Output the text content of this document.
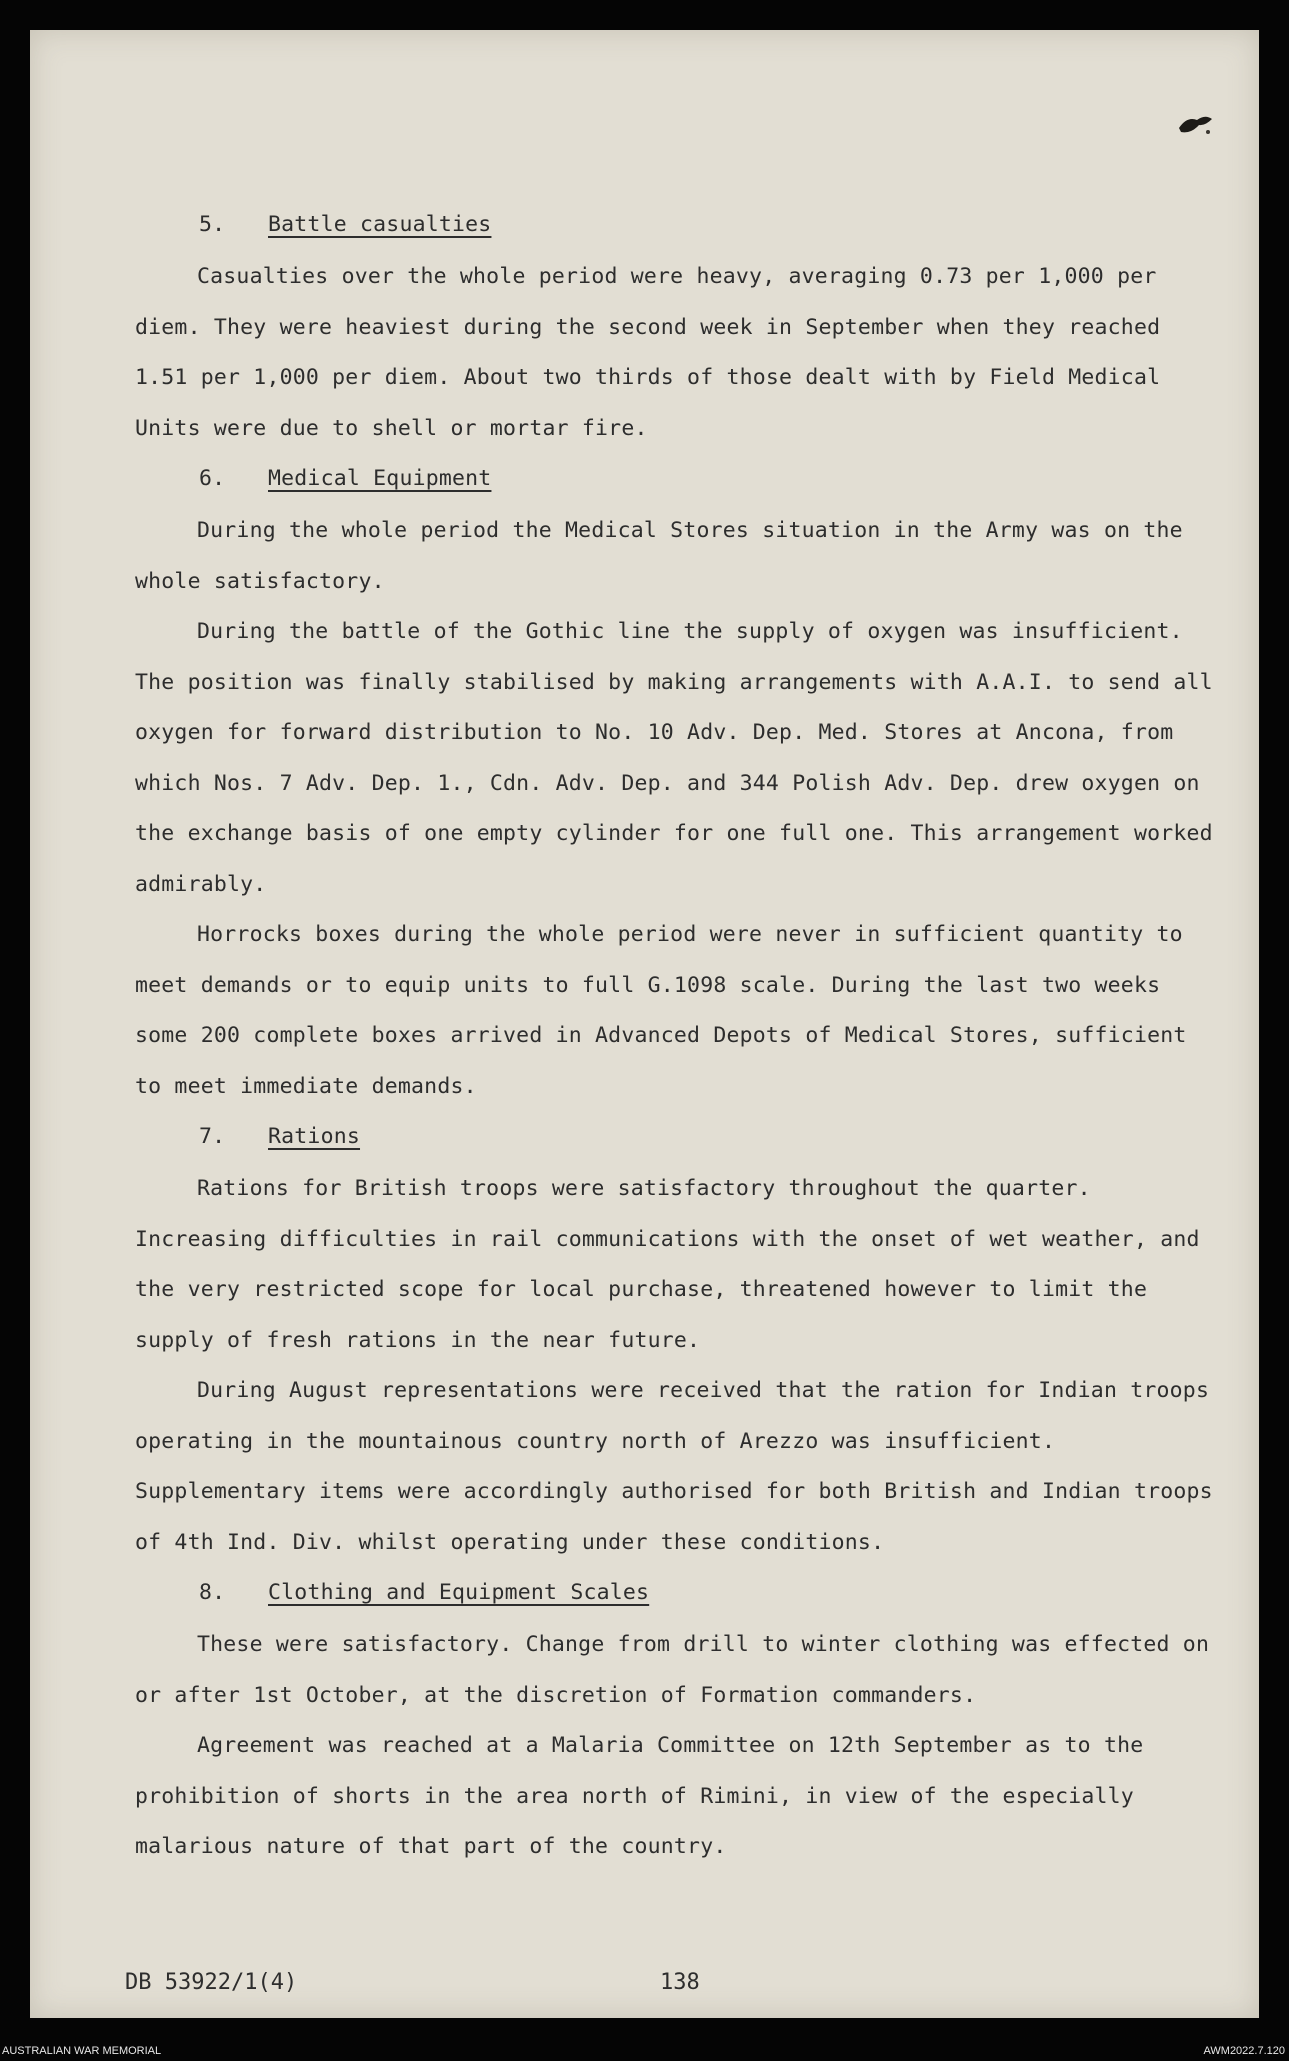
5. Battle casualties

Casualties over the whole period were heavy, averaging 0.73 per 1,000 per diem. They were heaviest during the second week in September when they reached 1.51 per 1,000 per diem. About two thirds of those dealt with by Field Medical Units were due to shell or mortar fire.

6. Medical Equipment

During the whole period the Medical Stores situation in the Army was on the whole satisfactory.

During the battle of the Gothic line the supply of oxygen was insufficient. The position was finally stabilised by making arrangements with A.A.I. to send all oxygen for forward distribution to No. 10 Adv. Dep. Med. Stores at Ancona, from which Nos. 7 Adv. Dep. 1., Cdn. Adv. Dep. and 344 Polish Adv. Dep. drew oxygen on the exchange basis of one empty cylinder for one full one. This arrangement worked admirably.

Horrocks boxes during the whole period were never in sufficient quantity to meet demands or to equip units to full G.1098 scale. During the last two weeks some 200 complete boxes arrived in Advanced Depots of Medical Stores, sufficient to meet immediate demands.

7. Rations

Rations for British troops were satisfactory throughout the quarter. Increasing difficulties in rail communications with the onset of wet weather, and the very restricted scope for local purchase, threatened however to limit the supply of fresh rations in the near future.

During August representations were received that the ration for Indian troops operating in the mountainous country north of Arezzo was insufficient. Supplementary items were accordingly authorised for both British and Indian troops of 4th Ind. Div. whilst operating under these conditions.

8. Clothing and Equipment Scales

These were satisfactory. Change from drill to winter clothing was effected on or after 1st October, at the discretion of Formation commanders.

Agreement was reached at a Malaria Committee on 12th September as to the prohibition of shorts in the area north of Rimini, in view of the especially malarious nature of that part of the country.

DB 53922/1(4)	138
AUSTRALIAN WAR MEMORIAL	AWM2022.7.120
